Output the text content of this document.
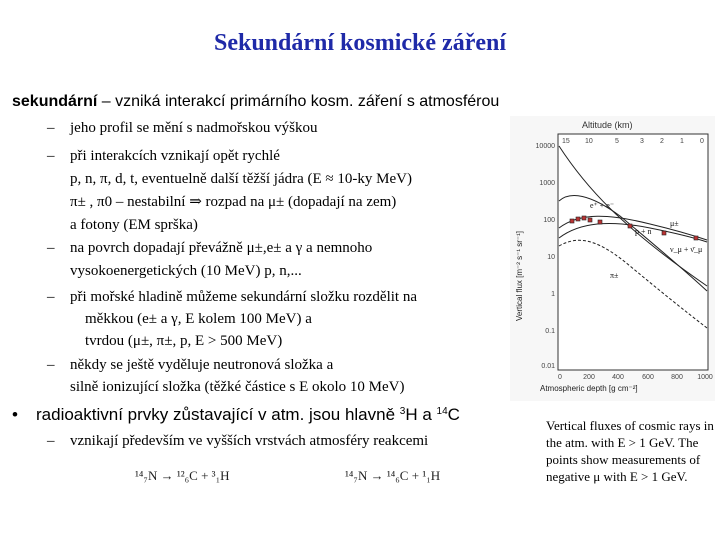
Sekundární kosmické záření
sekundární – vzniká interakcí primárního kosm. záření s atmosférou
– jeho profil se mění s nadmořskou výškou
– při interakcích vznikají opět rychlé
p, n, π, d, t, eventuelně další těžší jádra (E ≈ 10-ky MeV)
π± , π0 – nestabilní ⇒ rozpad na μ± (dopadají na zem)
a fotony (EM sprška)
– na povrch dopadají převážně μ±,e± a γ a nemnoho
vysokoenergetických (10 MeV) p, n,...
– při mořské hladině můžeme sekundární složku rozdělit na
měkkou (e± a γ, E kolem 100 MeV) a
tvrdou (μ±, π±, p, E > 500 MeV)
– někdy se ještě vyděluje neutronová složka a
silně ionizující složka (těžké částice s E okolo 10 MeV)
• radioaktivní prvky zůstavající v atm. jsou hlavně $^3$H a $^{14}$C
– vznikají především ve vyšších vrstvách atmosféry reakcemi
¹⁴₇N → ¹²₆C + ³₁H	¹⁴₇N → ¹⁴₆C + ¹₁H
Altitude (km)
15 10	5	3 2 1 0
10000
1000
100
10
1
0.1
0.01
0	200 400	600 800 1000
Atmospheric depth [g cm⁻²]
Vertical flux [m⁻² s⁻¹ sr⁻¹]	p + n
e⁺ + e⁻
π±
μ±
ν_μ + ν̄_μ
Vertical fluxes of cosmic rays in the atm. with E > 1 GeV. The points show measurements of negative μ with E > 1 GeV.
